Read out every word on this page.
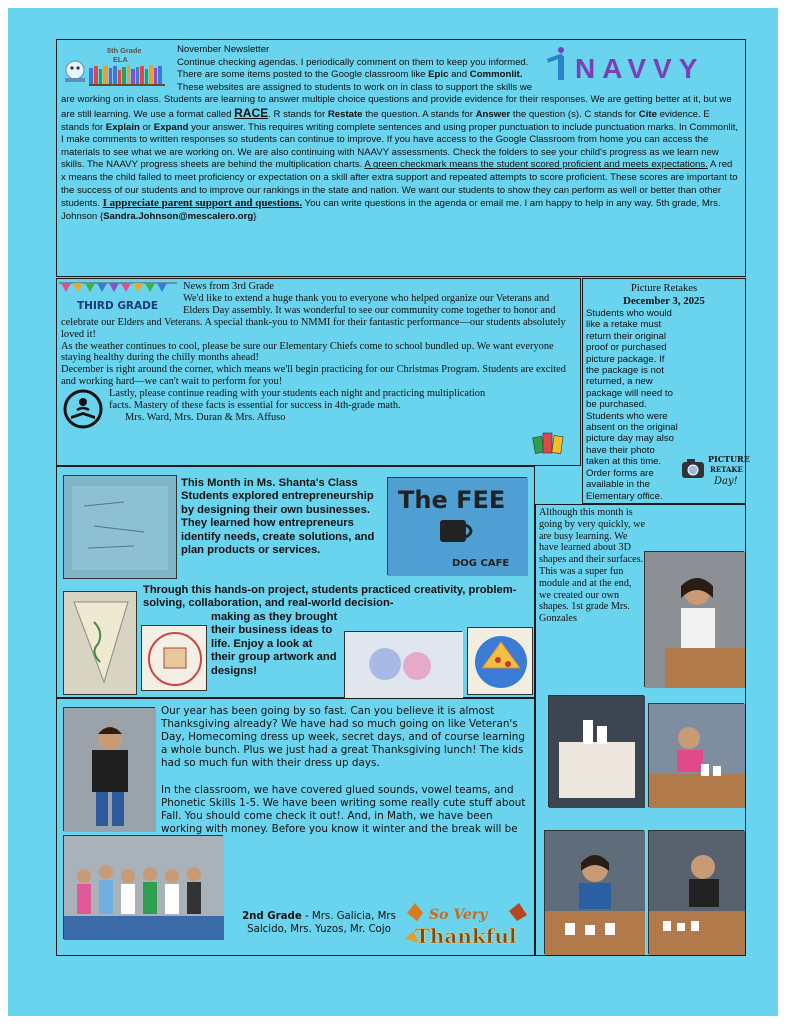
5th Grade
ELA	NAVVY
November Newsletter
Continue checking agendas. I periodically comment on them to keep you informed. There are some items posted to the Google classroom like Epic and Commonlit. These websites are assigned to students to work on in class to support the skills we are working on in class. Students are learning to answer multiple choice questions and provide evidence for their responses. We are getting better at it, but we are still learning. We use a format called RACE. R stands for Restate the question. A stands for Answer the question (s). C stands for Cite evidence. E stands for Explain or Expand your answer. This requires writing complete sentences and using proper punctuation to include punctuation marks. In Commonlit, I make comments to written responses so students can continue to improve. If you have access to the Google Classroom from home you can access the materials to see what we are working on. We are also continuing with NAAVY assessments. Check the folders to see your child's progress as we learn new skills. The NAAVY progress sheets are behind the multiplication charts. A green checkmark means the student scored proficient and meets expectations. A red x means the child failed to meet proficiency or expectation on a skill after extra support and repeated attempts to score proficient. These scores are important to the success of our students and to improve our rankings in the state and nation. We want our students to show they can perform as well or better than other students. I appreciate parent support and questions. You can write questions in the agenda or email me. I am happy to help in any way. 5th grade, Mrs. Johnson {Sandra.Johnson@mescalero.org}
THIRD GRADE
News from 3rd Grade

We'd like to extend a huge thank you to everyone who helped organize our Veterans and Elders Day assembly. It was wonderful to see our community come together to honor and celebrate our Elders and Veterans. A special thank-you to NMMI for their fantastic performance—our students absolutely loved it!
As the weather continues to cool, please be sure our Elementary Chiefs come to school bundled up. We want everyone staying healthy during the chilly months ahead!
December is right around the corner, which means we'll begin practicing for our Christmas Program. Students are excited and working hard—we can't wait to perform for you!
Lastly, please continue reading with your students each night and practicing multiplication facts. Mastery of these facts is essential for success in 4th-grade math.
Mrs. Ward, Mrs. Duran & Mrs. Affuso
Picture Retakes
December 3, 2025
PICTURE
RETAKE
Day!
Students who would like a retake must return their original proof or purchased picture package. If the package is not returned, a new package will need to be purchased. Students who were absent on the original picture day may also have their photo taken at this time. Order forms are available in the Elementary office.
The FEE
DOG CAFE
This Month in Ms. Shanta's Class Students explored entrepreneurship by designing their own businesses. They learned how entrepreneurs identify needs, create solutions, and plan products or services.
Through this hands-on project, students practiced creativity, problem-solving, collaboration, and real-world decision-
making as they brought their business ideas to life. Enjoy a look at their group artwork and designs!
Although this month is going by very quickly, we are busy learning. We have learned about 3D shapes and their surfaces. This was a super fun module and at the end, we created our own shapes. 1st grade Mrs. Gonzales
Our year has been going by so fast. Can you believe it is almost Thanksgiving already? We have had so much going on like Veteran's Day, Homecoming dress up week, secret days, and of course learning a whole bunch. Plus we just had a great Thanksgiving lunch! The kids had so much fun with their dress up days.
In the classroom, we have covered glued sounds, vowel teams, and Phonetic Skills 1-5. We have been writing some really cute stuff about Fall. You should come check it out!. And, in Math, we have been working with money. Before you know it winter and the break will be
2nd Grade - Mrs. Galicia, Mrs Salcido, Mrs. Yuzos, Mr. Cojo
So Very
Thankful
